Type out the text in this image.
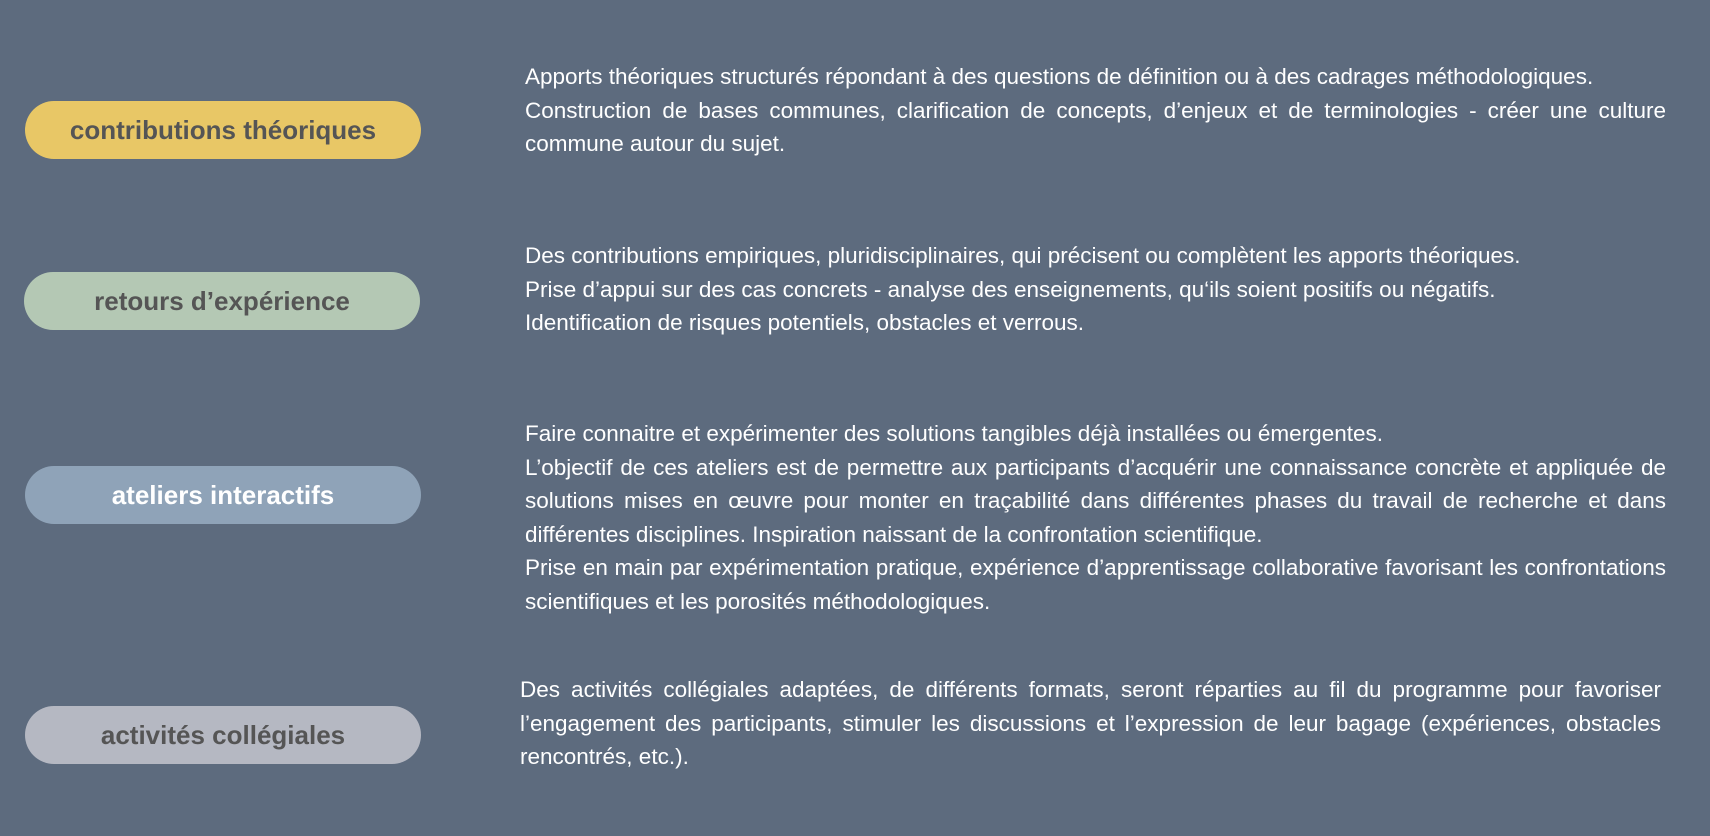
contributions théoriques

Apports théoriques structurés répondant à des questions de définition ou à des cadrages méthodologiques.

Construction de bases communes, clarification de concepts, d’enjeux et de terminologies - créer une culture commune autour du sujet.

retours d’expérience

Des contributions empiriques, pluridisciplinaires, qui précisent ou complètent les apports théoriques.

Prise d’appui sur des cas concrets - analyse des enseignements, qu‘ils soient positifs ou négatifs.

Identification de risques potentiels, obstacles et verrous.

ateliers interactifs

Faire connaitre et expérimenter des solutions tangibles déjà installées ou émergentes.

L’objectif de ces ateliers est de permettre aux participants d’acquérir une connaissance concrète et appliquée de solutions mises en œuvre pour monter en traçabilité dans différentes phases du travail de recherche et dans différentes disciplines. Inspiration naissant de la confrontation scientifique.

Prise en main par expérimentation pratique, expérience d’apprentissage collaborative favorisant les confrontations scientifiques et les porosités méthodologiques.

activités collégiales

Des activités collégiales adaptées, de différents formats, seront réparties au fil du programme pour favoriser l’engagement des participants, stimuler les discussions et l’expression de leur bagage (expériences, obstacles rencontrés, etc.).
